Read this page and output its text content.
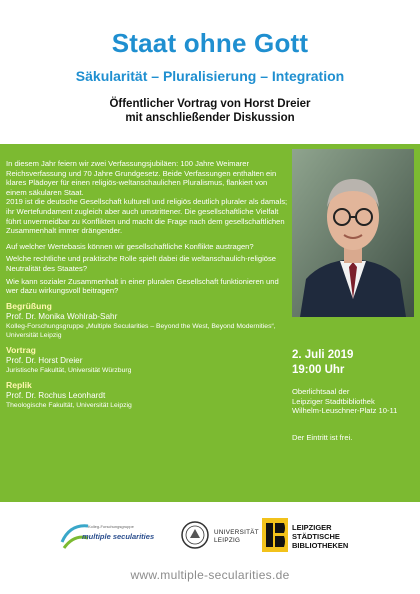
Staat ohne Gott
Säkularität – Pluralisierung – Integration
Öffentlicher Vortrag von Horst Dreier
mit anschließender Diskussion

In diesem Jahr feiern wir zwei Verfassungsjubiläen: 100 Jahre Weimarer Reichsverfassung und 70 Jahre Grundgesetz. Beide Verfassungen enthalten ein klares Plädoyer für einen religiös-weltanschaulichen Pluralismus, flankiert von einem säkularen Staat.
2019 ist die deutsche Gesellschaft kulturell und religiös deutlich pluraler als damals; ihr Wertefundament zugleich aber auch umstrittener. Die gesellschaftliche Vielfalt führt unvermeidbar zu Konflikten und macht die Frage nach dem gesellschaftlichen Zusammenhalt immer drängender.

Auf welcher Wertebasis können wir gesellschaftliche Konflikte austragen?

Welche rechtliche und praktische Rolle spielt dabei die weltanschaulich-religiöse Neutralität des Staates?

Wie kann sozialer Zusammenhalt in einer pluralen Gesellschaft funktionieren und wer dazu wirkungsvoll beitragen?

Begrüßung
Prof. Dr. Monika Wohlrab-Sahr
Kolleg-Forschungsgruppe „Multiple Secularities – Beyond the West, Beyond Modernities“, Universität Leipzig
Vortrag
Prof. Dr. Horst Dreier
Juristische Fakultät, Universität Würzburg
Replik
Prof. Dr. Rochus Leonhardt
Theologische Fakultät, Universität Leipzig
2. Juli 2019
19:00 Uhr
Oberlichtsaal der
Leipziger Stadtbibliothek
Wilhelm-Leuschner-Platz 10-11
Der Eintritt ist frei.
Kolleg-Forschungsgruppe
multiple secularities	UNIVERSITÄT
LEIPZIG
LEIPZIGER
STÄDTISCHE
BIBLIOTHEKEN
www.multiple-secularities.de
